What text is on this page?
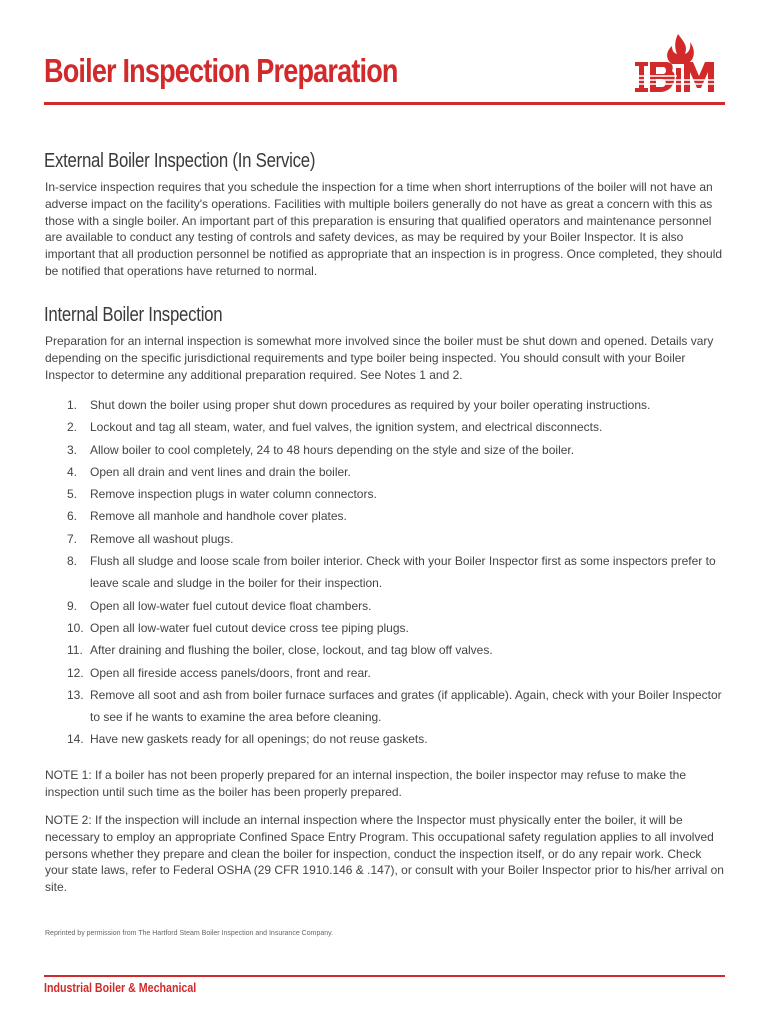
Boiler Inspection Preparation
External Boiler Inspection (In Service)

In-service inspection requires that you schedule the inspection for a time when short interruptions of the boiler will not have an adverse impact on the facility's operations. Facilities with multiple boilers generally do not have as great a concern with this as those with a single boiler. An important part of this preparation is ensuring that qualified operators and maintenance personnel are available to conduct any testing of controls and safety devices, as may be required by your Boiler Inspector. It is also important that all production personnel be notified as appropriate that an inspection is in progress. Once completed, they should be notified that operations have returned to normal.

Internal Boiler Inspection

Preparation for an internal inspection is somewhat more involved since the boiler must be shut down and opened. Details vary depending on the specific jurisdictional requirements and type boiler being inspected. You should consult with your Boiler Inspector to determine any additional preparation required. See Notes 1 and 2.

1.	Shut down the boiler using proper shut down procedures as required by your boiler operating instructions.
2.	Lockout and tag all steam, water, and fuel valves, the ignition system, and electrical disconnects.
3.	Allow boiler to cool completely, 24 to 48 hours depending on the style and size of the boiler.
4.	Open all drain and vent lines and drain the boiler.
5.	Remove inspection plugs in water column connectors.
6.	Remove all manhole and handhole cover plates.
7.	Remove all washout plugs.
8.	Flush all sludge and loose scale from boiler interior. Check with your Boiler Inspector first as some inspectors prefer to leave scale and sludge in the boiler for their inspection.
9.	Open all low-water fuel cutout device float chambers.
10. Open all low-water fuel cutout device cross tee piping plugs.
11. After draining and flushing the boiler, close, lockout, and tag blow off valves.
12. Open all fireside access panels/doors, front and rear.
13. Remove all soot and ash from boiler furnace surfaces and grates (if applicable). Again, check with your Boiler Inspector to see if he wants to examine the area before cleaning.
14. Have new gaskets ready for all openings; do not reuse gaskets.

NOTE 1: If a boiler has not been properly prepared for an internal inspection, the boiler inspector may refuse to make the inspection until such time as the boiler has been properly prepared.

NOTE 2: If the inspection will include an internal inspection where the Inspector must physically enter the boiler, it will be necessary to employ an appropriate Confined Space Entry Program. This occupational safety regulation applies to all involved persons whether they prepare and clean the boiler for inspection, conduct the inspection itself, or do any repair work. Check your state laws, refer to Federal OSHA (29 CFR 1910.146 & .147), or consult with your Boiler Inspector prior to his/her arrival on site.

Reprinted by permission from The Hartford Steam Boiler Inspection and Insurance Company.

Industrial Boiler & Mechanical
